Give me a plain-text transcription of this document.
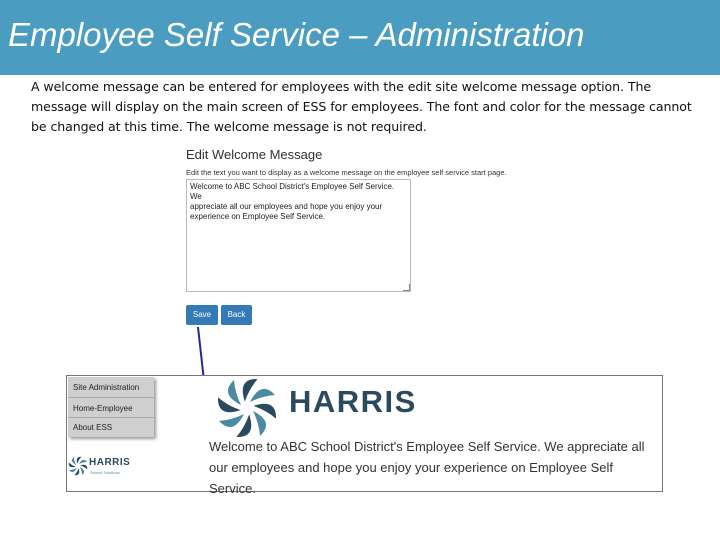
Employee Self Service – Administration
A welcome message can be entered for employees with the edit site welcome message option. The message will display on the main screen of ESS for employees. The font and color for the message cannot be changed at this time. The welcome message is not required.
Edit Welcome Message
Edit the text you want to display as a welcome message on the employee self service start page.
Welcome to ABC School District's Employee Self Service. We
appreciate all our employees and hope you enjoy your
experience on Employee Self Service.

Save	Back
Site Administration
Home-Employee
About ESS
HARRIS
School Solutions
HARRIS
Welcome to ABC School District's Employee Self Service. We appreciate all our employees and hope you enjoy your experience on Employee Self Service.
